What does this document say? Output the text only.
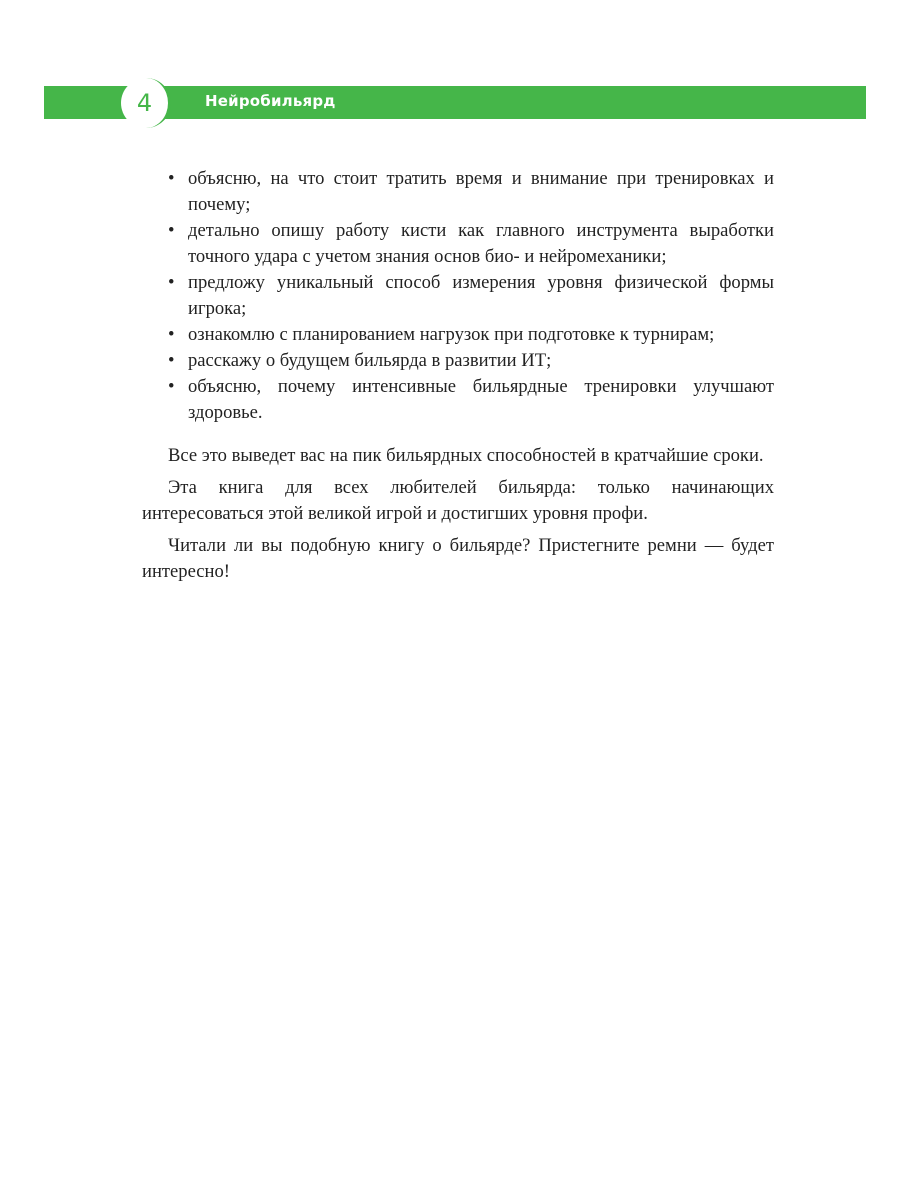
4	Нейробильярд
• объясню, на что стоит тратить время и внимание при тренировках и почему;
• детально опишу работу кисти как главного инструмента выработки точного удара с учетом знания основ био- и нейромеханики;
• предложу уникальный способ измерения уровня физической формы игрока;
• ознакомлю с планированием нагрузок при подготовке к турнирам;
• расскажу о будущем бильярда в развитии ИТ;
• объясню, почему интенсивные бильярдные тренировки улучшают здоровье.

Все это выведет вас на пик бильярдных способностей в кратчайшие сроки.

Эта книга для всех любителей бильярда: только начинающих интересоваться этой великой игрой и достигших уровня профи.

Читали ли вы подобную книгу о бильярде? Пристегните ремни — будет интересно!
